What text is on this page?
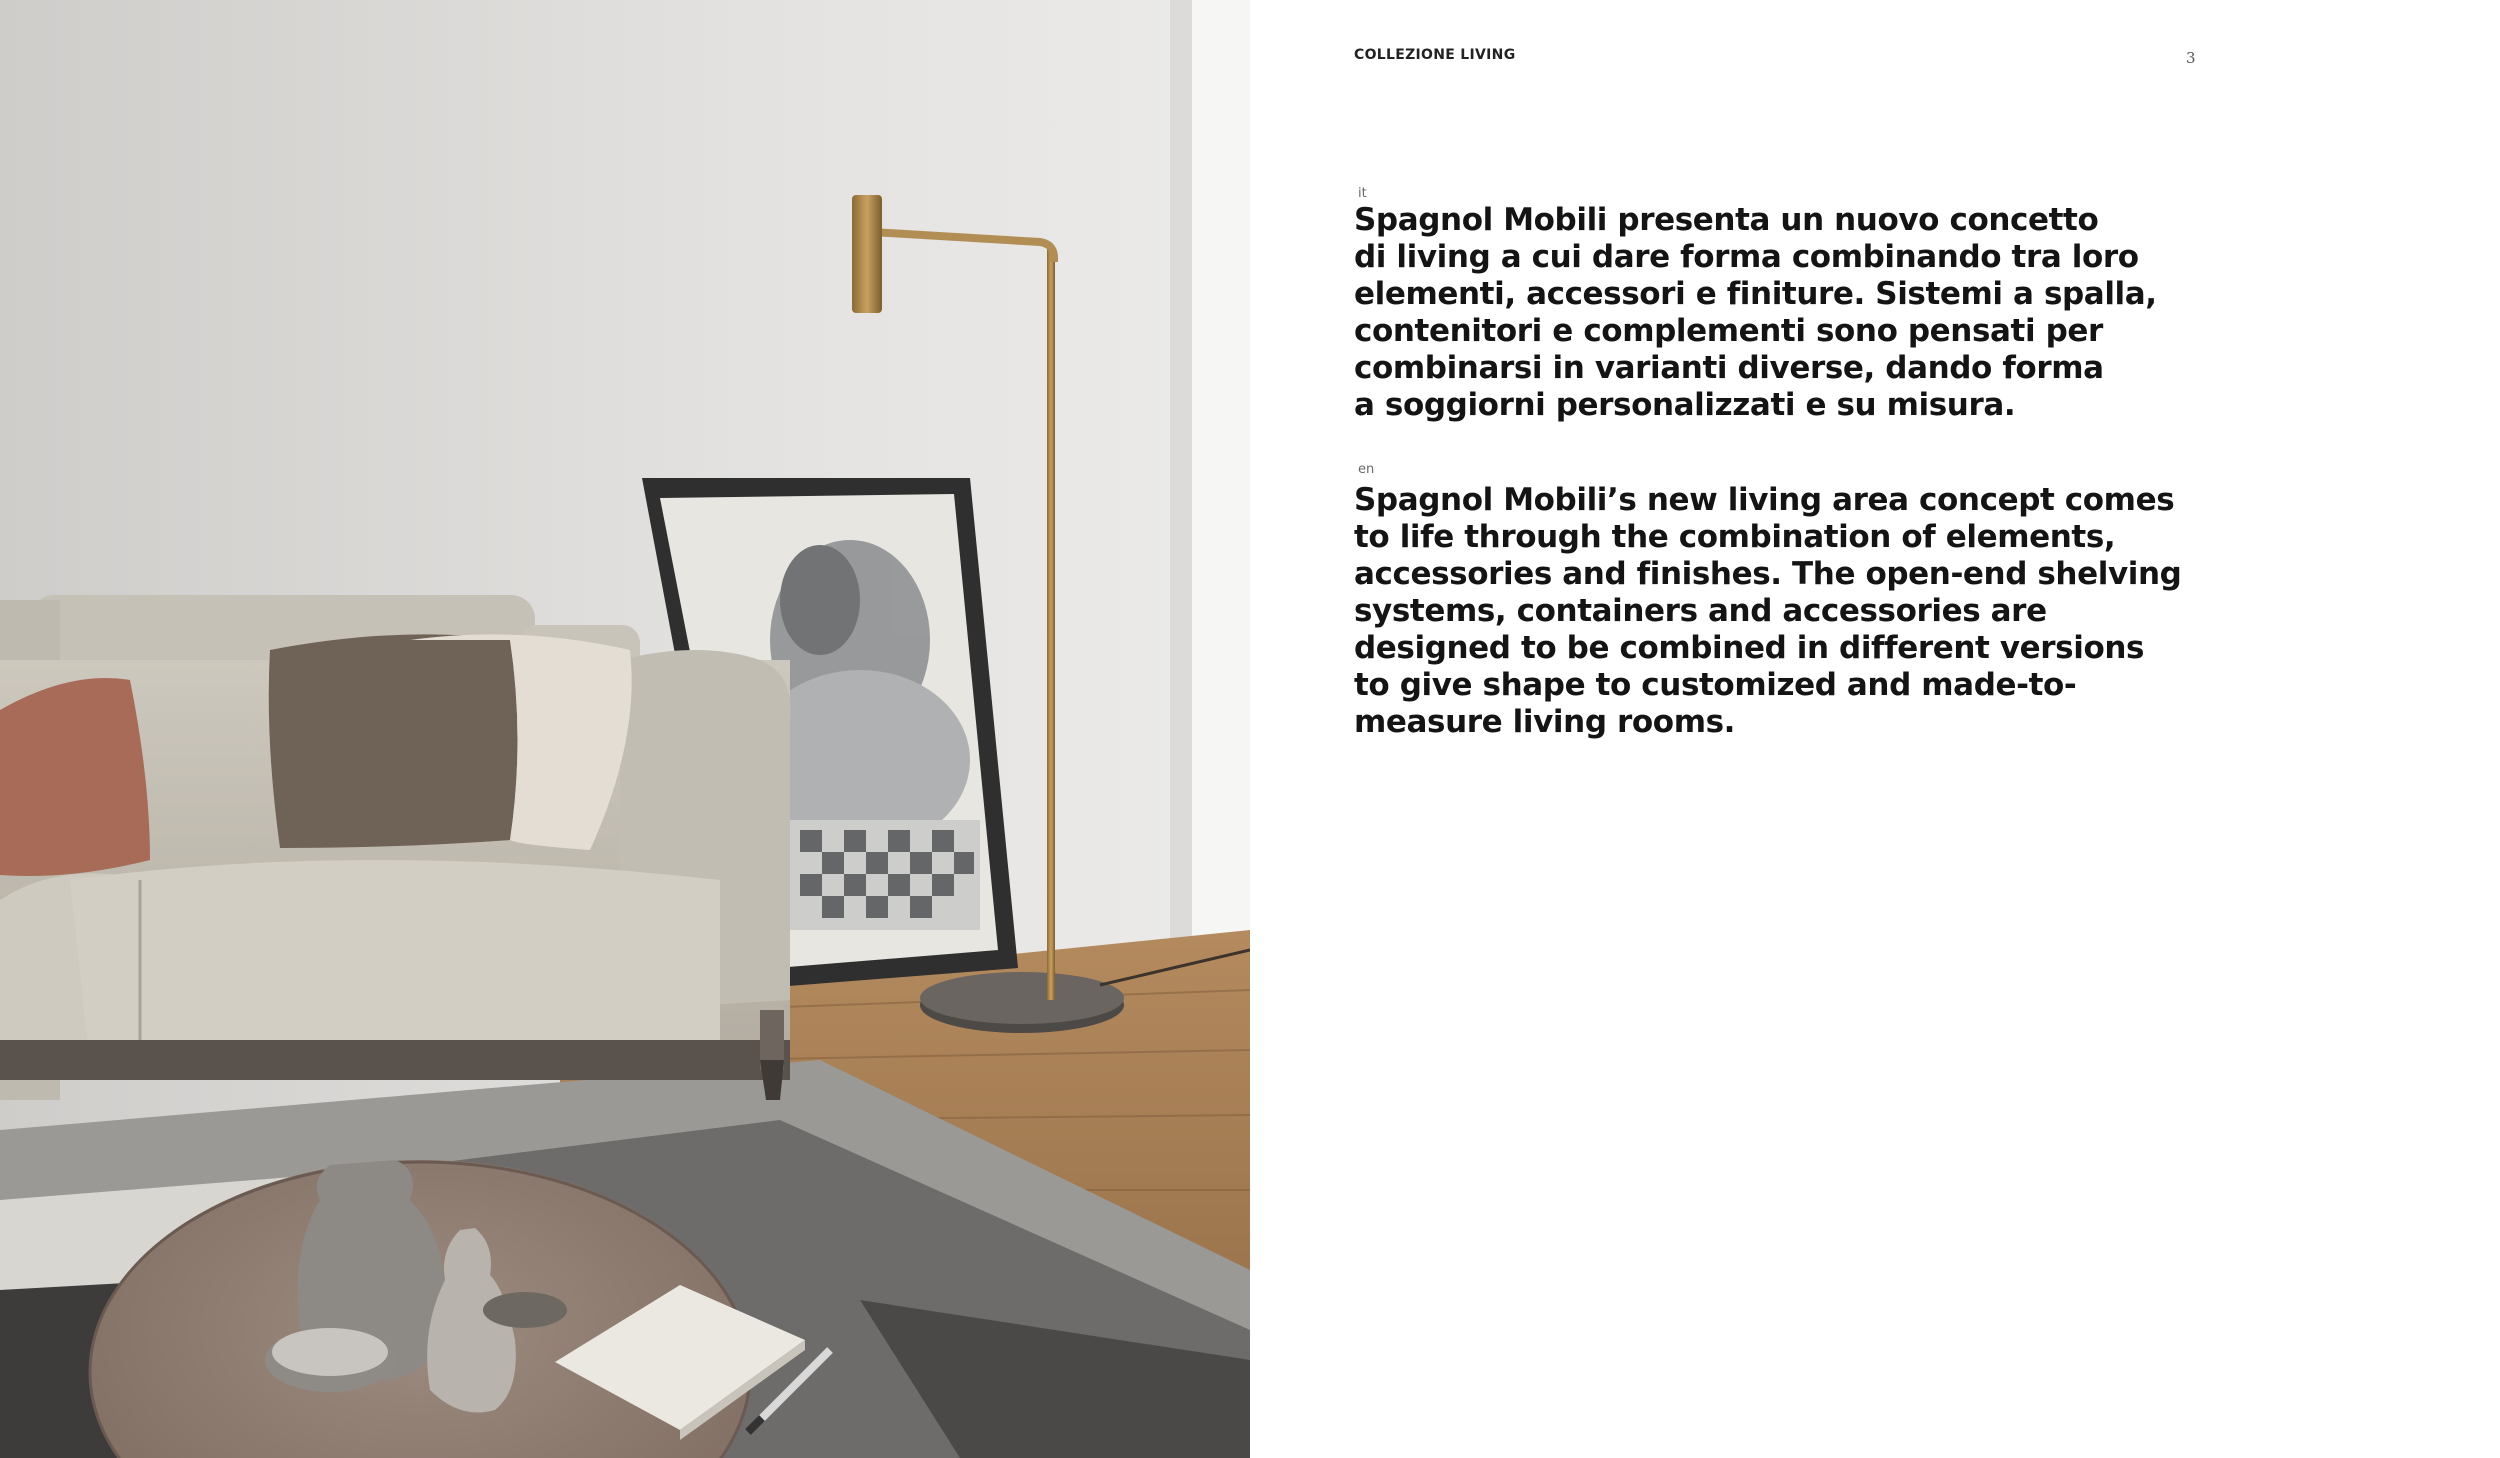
COLLEZIONE LIVING	3
it

Spagnol Mobili presenta un nuovo concetto
di living a cui dare forma combinando tra loro
elementi, accessori e finiture. Sistemi a spalla,
contenitori e complementi sono pensati per
combinarsi in varianti diverse, dando forma
a soggiorni personalizzati e su misura.

en

Spagnol Mobili’s new living area concept comes
to life through the combination of elements,
accessories and finishes. The open-end shelving
systems, containers and accessories are
designed to be combined in different versions
to give shape to customized and made-to-
measure living rooms.
